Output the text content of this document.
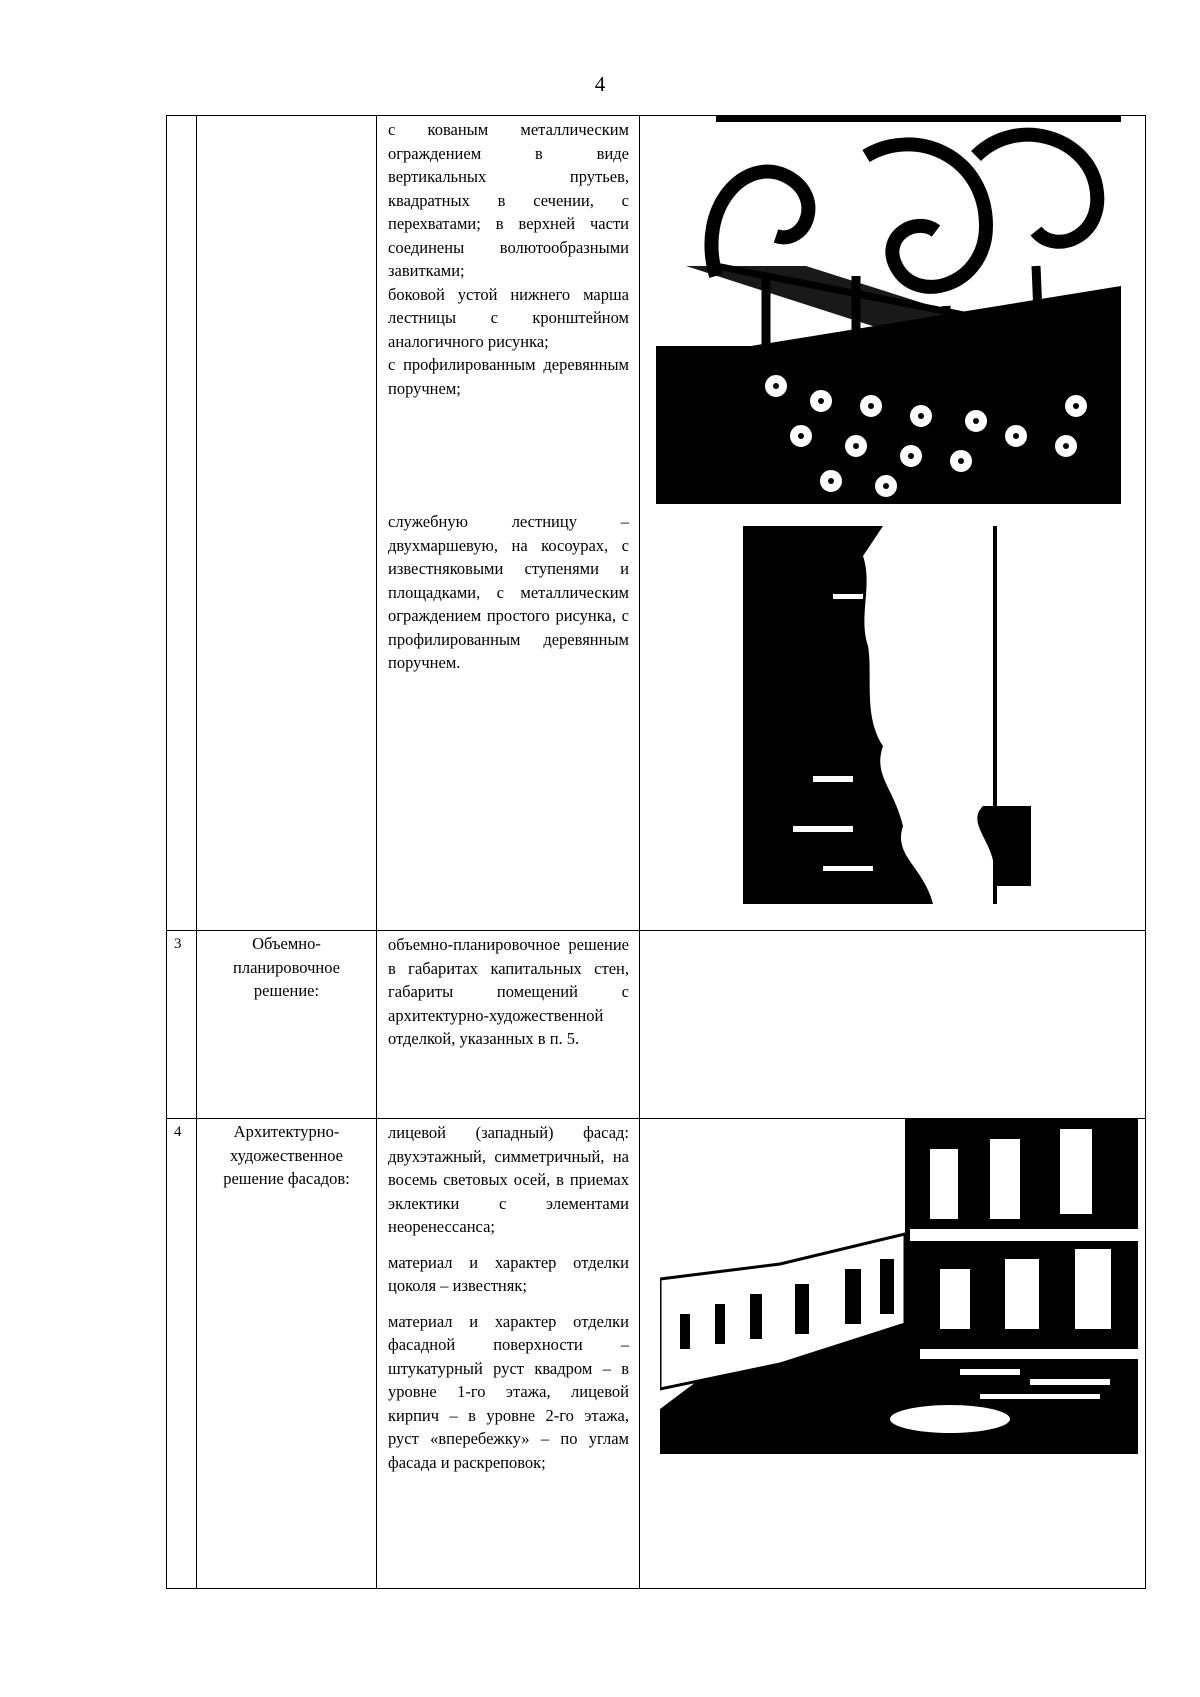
4

		с кованым металлическим ограждением в виде вертикальных прутьев, квадратных в сечении, с перехватами; в верхней части соединены волютообразными завитками;

боковой устой нижнего марша лестницы с кронштейном аналогичного рисунка;

с профилированным деревянным поручнем;

служебную лестницу – двухмаршевую, на косоурах, с известняковыми ступенями и площадками, с металлическим ограждением простого рисунка, с профилированным деревянным поручнем.

3	Объемно-планировочное решение:	объемно-планировочное решение в габаритах капитальных стен, габариты помещений с архитектурно-художественной отделкой, указанных в п. 5.	

4	Архитектурно-художественное решение фасадов:	лицевой (западный) фасад: двухэтажный, симметричный, на восемь световых осей, в приемах эклектики с элементами неоренессанса;

материал и характер отделки цоколя – известняк;

материал и характер отделки фасадной поверхности – штукатурный руст квадром – в уровне 1-го этажа, лицевой кирпич – в уровне 2-го этажа, руст «вперебежку» – по углам фасада и раскреповок;
